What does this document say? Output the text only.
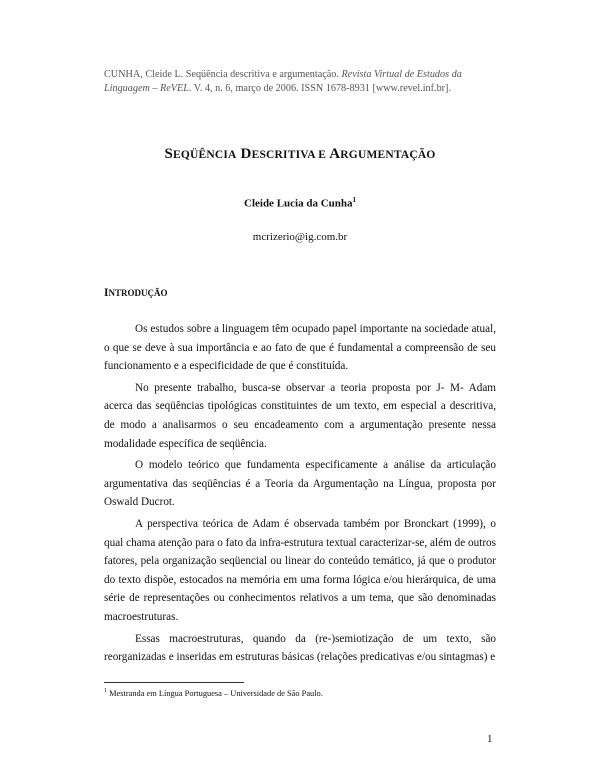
CUNHA, Cleide L. Seqüência descritiva e argumentação. Revista Virtual de Estudos da Linguagem – ReVEL. V. 4, n. 6, março de 2006. ISSN 1678-8931 [www.revel.inf.br].
SEQÜÊNCIA DESCRITIVA E ARGUMENTAÇÃO
Cleide Lucia da Cunha$^1$
mcrizerio@ig.com.br
INTRODUÇÃO

Os estudos sobre a linguagem têm ocupado papel importante na sociedade atual, o que se deve à sua importância e ao fato de que é fundamental a compreensão de seu funcionamento e a especificidade de que é constituída.

No presente trabalho, busca-se observar a teoria proposta por J- M- Adam acerca das seqüências tipológicas constituintes de um texto, em especial a descritiva, de modo a analisarmos o seu encadeamento com a argumentação presente nessa modalidade específica de seqüência.

O modelo teórico que fundamenta especificamente a análise da articulação argumentativa das seqüências é a Teoria da Argumentação na Língua, proposta por Oswald Ducrot.

A perspectiva teórica de Adam é observada também por Bronckart (1999), o qual chama atenção para o fato da infra-estrutura textual caracterizar-se, além de outros fatores, pela organização seqüencial ou linear do conteúdo temático, já que o produtor do texto dispõe, estocados na memória em uma forma lógica e/ou hierárquica, de uma série de representações ou conhecimentos relativos a um tema, que são denominadas macroestruturas.

Essas macroestruturas, quando da (re-)semiotização de um texto, são reorganizadas e inseridas em estruturas básicas (relações predicativas e/ou sintagmas) e

$^1$ Mestranda em Língua Portuguesa – Universidade de São Paulo.
1
